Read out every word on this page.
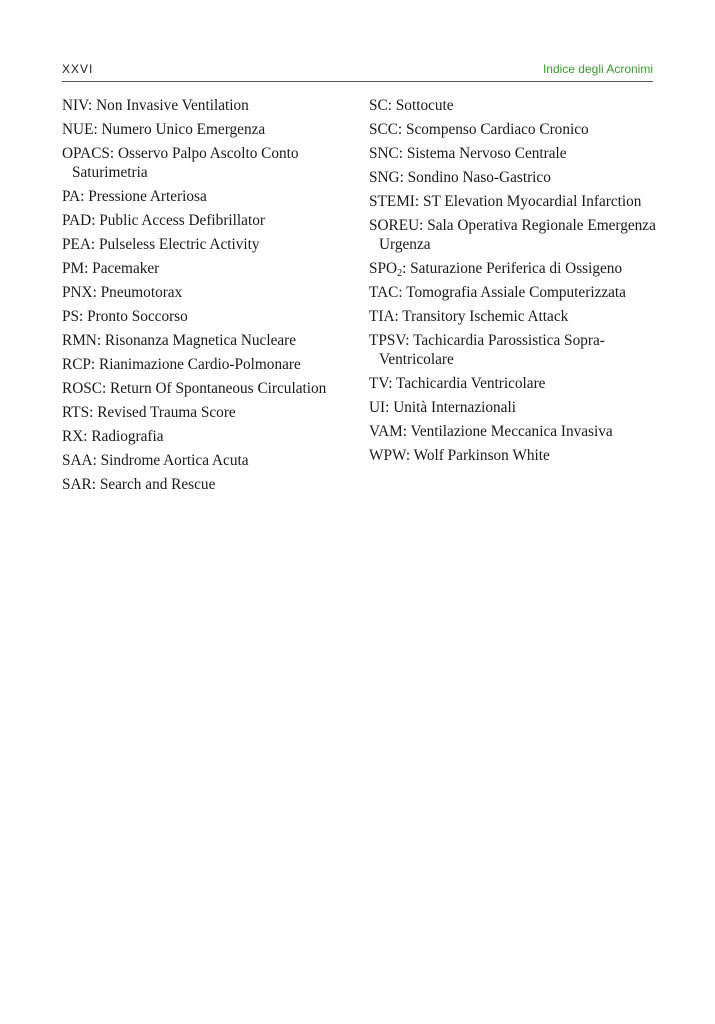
XXVI	Indice degli Acronimi
NIV: Non Invasive Ventilation
NUE: Numero Unico Emergenza
OPACS: Osservo Palpo Ascolto Conto Saturimetria
PA: Pressione Arteriosa
PAD: Public Access Defibrillator
PEA: Pulseless Electric Activity
PM: Pacemaker
PNX: Pneumotorax
PS: Pronto Soccorso
RMN: Risonanza Magnetica Nucleare
RCP: Rianimazione Cardio-Polmonare
ROSC: Return Of Spontaneous Circulation
RTS: Revised Trauma Score
RX: Radiografia
SAA: Sindrome Aortica Acuta
SAR: Search and Rescue
SC: Sottocute
SCC: Scompenso Cardiaco Cronico
SNC: Sistema Nervoso Centrale
SNG: Sondino Naso-Gastrico
STEMI: ST Elevation Myocardial Infarction
SOREU: Sala Operativa Regionale Emergenza Urgenza
$SPO_2$: Saturazione Periferica di Ossigeno
TAC: Tomografia Assiale Computerizzata
TIA: Transitory Ischemic Attack
TPSV: Tachicardia Parossistica Sopra-Ventricolare
TV: Tachicardia Ventricolare
UI: Unità Internazionali
VAM: Ventilazione Meccanica Invasiva
WPW: Wolf Parkinson White
